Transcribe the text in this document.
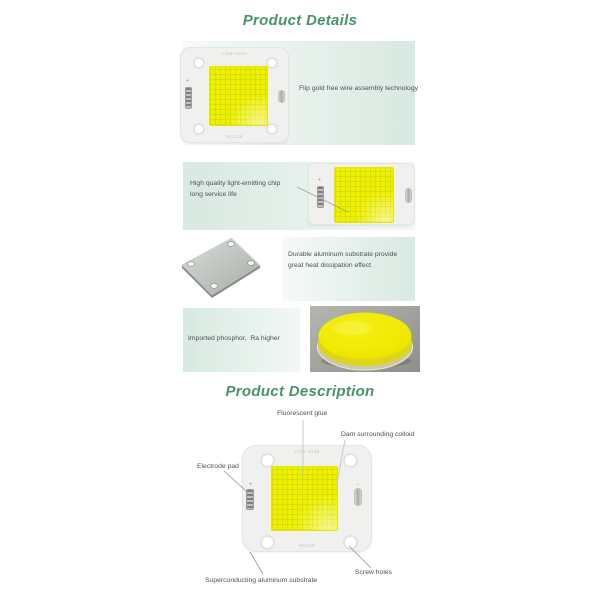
Product Details
Flip gold free wire assembly technology
COB-4046
NC106
+
High quality light-emitting chip
long service life
+
Durable aluminum substrate provide
great heat dissipation effect
Imported phosphor,  Ra higher
Product Description
Fluorescent glue
Dam surrounding colloid
Electrode pad
Superconducting aluminum substrate
Screw holes
COB-4046
NC106
+	-
